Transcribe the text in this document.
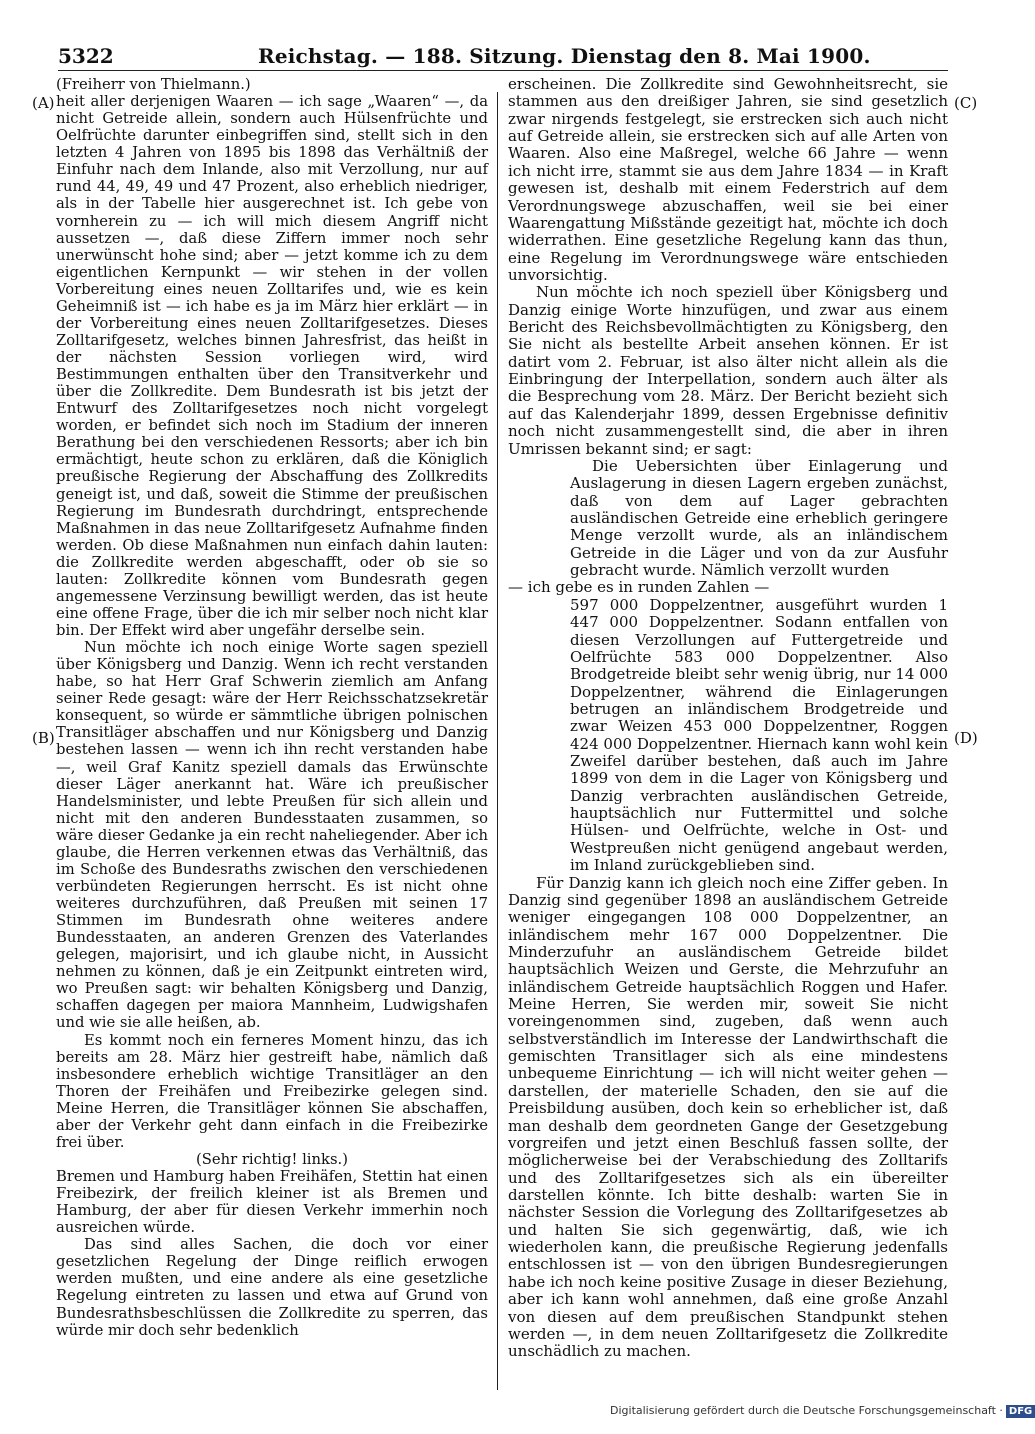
5322	Reichstag. — 188. Sitzung. Dienstag den 8. Mai 1900.
(A)
(B)
(C)
(D)

(Freiherr von Thielmann.)

heit aller derjenigen Waaren — ich sage „Waaren“ —, da nicht Getreide allein, sondern auch Hülsenfrüchte und Oelfrüchte darunter einbegriffen sind, stellt sich in den letzten 4 Jahren von 1895 bis 1898 das Verhältniß der Einfuhr nach dem Inlande, also mit Verzollung, nur auf rund 44, 49, 49 und 47 Prozent, also erheblich niedriger, als in der Tabelle hier ausgerechnet ist. Ich gebe von vornherein zu — ich will mich diesem Angriff nicht aussetzen —, daß diese Ziffern immer noch sehr unerwünscht hohe sind; aber — jetzt komme ich zu dem eigentlichen Kernpunkt — wir stehen in der vollen Vorbereitung eines neuen Zolltarifes und, wie es kein Geheimniß ist — ich habe es ja im März hier erklärt — in der Vorbereitung eines neuen Zolltarifgesetzes. Dieses Zolltarifgesetz, welches binnen Jahresfrist, das heißt in der nächsten Session vorliegen wird, wird Bestimmungen enthalten über den Transitverkehr und über die Zollkredite. Dem Bundesrath ist bis jetzt der Entwurf des Zolltarifgesetzes noch nicht vorgelegt worden, er befindet sich noch im Stadium der inneren Berathung bei den verschiedenen Ressorts; aber ich bin ermächtigt, heute schon zu erklären, daß die Königlich preußische Regierung der Abschaffung des Zollkredits geneigt ist, und daß, soweit die Stimme der preußischen Regierung im Bundesrath durchdringt, entsprechende Maßnahmen in das neue Zolltarifgesetz Aufnahme finden werden. Ob diese Maßnahmen nun einfach dahin lauten: die Zollkredite werden abgeschafft, oder ob sie so lauten: Zollkredite können vom Bundesrath gegen angemessene Verzinsung bewilligt werden, das ist heute eine offene Frage, über die ich mir selber noch nicht klar bin. Der Effekt wird aber ungefähr derselbe sein.

Nun möchte ich noch einige Worte sagen speziell über Königsberg und Danzig. Wenn ich recht verstanden habe, so hat Herr Graf Schwerin ziemlich am Anfang seiner Rede gesagt: wäre der Herr Reichsschatzsekretär konsequent, so würde er sämmtliche übrigen polnischen Transitläger abschaffen und nur Königsberg und Danzig bestehen lassen — wenn ich ihn recht verstanden habe —, weil Graf Kanitz speziell damals das Erwünschte dieser Läger anerkannt hat. Wäre ich preußischer Handelsminister, und lebte Preußen für sich allein und nicht mit den anderen Bundesstaaten zusammen, so wäre dieser Gedanke ja ein recht naheliegender. Aber ich glaube, die Herren verkennen etwas das Verhältniß, das im Schoße des Bundesraths zwischen den verschiedenen verbündeten Regierungen herrscht. Es ist nicht ohne weiteres durchzuführen, daß Preußen mit seinen 17 Stimmen im Bundesrath ohne weiteres andere Bundesstaaten, an anderen Grenzen des Vaterlandes gelegen, majorisirt, und ich glaube nicht, in Aussicht nehmen zu können, daß je ein Zeitpunkt eintreten wird, wo Preußen sagt: wir behalten Königsberg und Danzig, schaffen dagegen per maiora Mannheim, Ludwigshafen und wie sie alle heißen, ab.

Es kommt noch ein ferneres Moment hinzu, das ich bereits am 28. März hier gestreift habe, nämlich daß insbesondere erheblich wichtige Transitläger an den Thoren der Freihäfen und Freibezirke gelegen sind. Meine Herren, die Transitläger können Sie abschaffen, aber der Verkehr geht dann einfach in die Freibezirke frei über.

(Sehr richtig! links.)

Bremen und Hamburg haben Freihäfen, Stettin hat einen Freibezirk, der freilich kleiner ist als Bremen und Hamburg, der aber für diesen Verkehr immerhin noch ausreichen würde.

Das sind alles Sachen, die doch vor einer gesetzlichen Regelung der Dinge reiflich erwogen werden mußten, und eine andere als eine gesetzliche Regelung eintreten zu lassen und etwa auf Grund von Bundesrathsbeschlüssen die Zollkredite zu sperren, das würde mir doch sehr bedenklich

erscheinen. Die Zollkredite sind Gewohnheitsrecht, sie stammen aus den dreißiger Jahren, sie sind gesetzlich zwar nirgends festgelegt, sie erstrecken sich auch nicht auf Getreide allein, sie erstrecken sich auf alle Arten von Waaren. Also eine Maßregel, welche 66 Jahre — wenn ich nicht irre, stammt sie aus dem Jahre 1834 — in Kraft gewesen ist, deshalb mit einem Federstrich auf dem Verordnungswege abzuschaffen, weil sie bei einer Waarengattung Mißstände gezeitigt hat, möchte ich doch widerrathen. Eine gesetzliche Regelung kann das thun, eine Regelung im Verordnungswege wäre entschieden unvorsichtig.

Nun möchte ich noch speziell über Königsberg und Danzig einige Worte hinzufügen, und zwar aus einem Bericht des Reichsbevollmächtigten zu Königsberg, den Sie nicht als bestellte Arbeit ansehen können. Er ist datirt vom 2. Februar, ist also älter nicht allein als die Einbringung der Interpellation, sondern auch älter als die Besprechung vom 28. März. Der Bericht bezieht sich auf das Kalenderjahr 1899, dessen Ergebnisse definitiv noch nicht zusammengestellt sind, die aber in ihren Umrissen bekannt sind; er sagt:

Die Uebersichten über Einlagerung und Auslagerung in diesen Lagern ergeben zunächst, daß von dem auf Lager gebrachten ausländischen Getreide eine erheblich geringere Menge verzollt wurde, als an inländischem Getreide in die Läger und von da zur Ausfuhr gebracht wurde. Nämlich verzollt wurden

— ich gebe es in runden Zahlen —

597 000 Doppelzentner, ausgeführt wurden 1 447 000 Doppelzentner. Sodann entfallen von diesen Verzollungen auf Futtergetreide und Oelfrüchte 583 000 Doppelzentner. Also Brodgetreide bleibt sehr wenig übrig, nur 14 000 Doppelzentner, während die Einlagerungen betrugen an inländischem Brodgetreide und zwar Weizen 453 000 Doppelzentner, Roggen 424 000 Doppelzentner. Hiernach kann wohl kein Zweifel darüber bestehen, daß auch im Jahre 1899 von dem in die Lager von Königsberg und Danzig verbrachten ausländischen Getreide, hauptsächlich nur Futtermittel und solche Hülsen- und Oelfrüchte, welche in Ost- und Westpreußen nicht genügend angebaut werden, im Inland zurückgeblieben sind.

Für Danzig kann ich gleich noch eine Ziffer geben. In Danzig sind gegenüber 1898 an ausländischem Getreide weniger eingegangen 108 000 Doppelzentner, an inländischem mehr 167 000 Doppelzentner. Die Minderzufuhr an ausländischem Getreide bildet hauptsächlich Weizen und Gerste, die Mehrzufuhr an inländischem Getreide hauptsächlich Roggen und Hafer. Meine Herren, Sie werden mir, soweit Sie nicht voreingenommen sind, zugeben, daß wenn auch selbstverständlich im Interesse der Landwirthschaft die gemischten Transitlager sich als eine mindestens unbequeme Einrichtung — ich will nicht weiter gehen — darstellen, der materielle Schaden, den sie auf die Preisbildung ausüben, doch kein so erheblicher ist, daß man deshalb dem geordneten Gange der Gesetzgebung vorgreifen und jetzt einen Beschluß fassen sollte, der möglicherweise bei der Verabschiedung des Zolltarifs und des Zolltarifgesetzes sich als ein übereilter darstellen könnte. Ich bitte deshalb: warten Sie in nächster Session die Vorlegung des Zolltarifgesetzes ab und halten Sie sich gegenwärtig, daß, wie ich wiederholen kann, die preußische Regierung jedenfalls entschlossen ist — von den übrigen Bundesregierungen habe ich noch keine positive Zusage in dieser Beziehung, aber ich kann wohl annehmen, daß eine große Anzahl von diesen auf dem preußischen Standpunkt stehen werden —, in dem neuen Zolltarifgesetz die Zollkredite unschädlich zu machen.

Digitalisierung gefördert durch die Deutsche Forschungsgemeinschaft · DFG
